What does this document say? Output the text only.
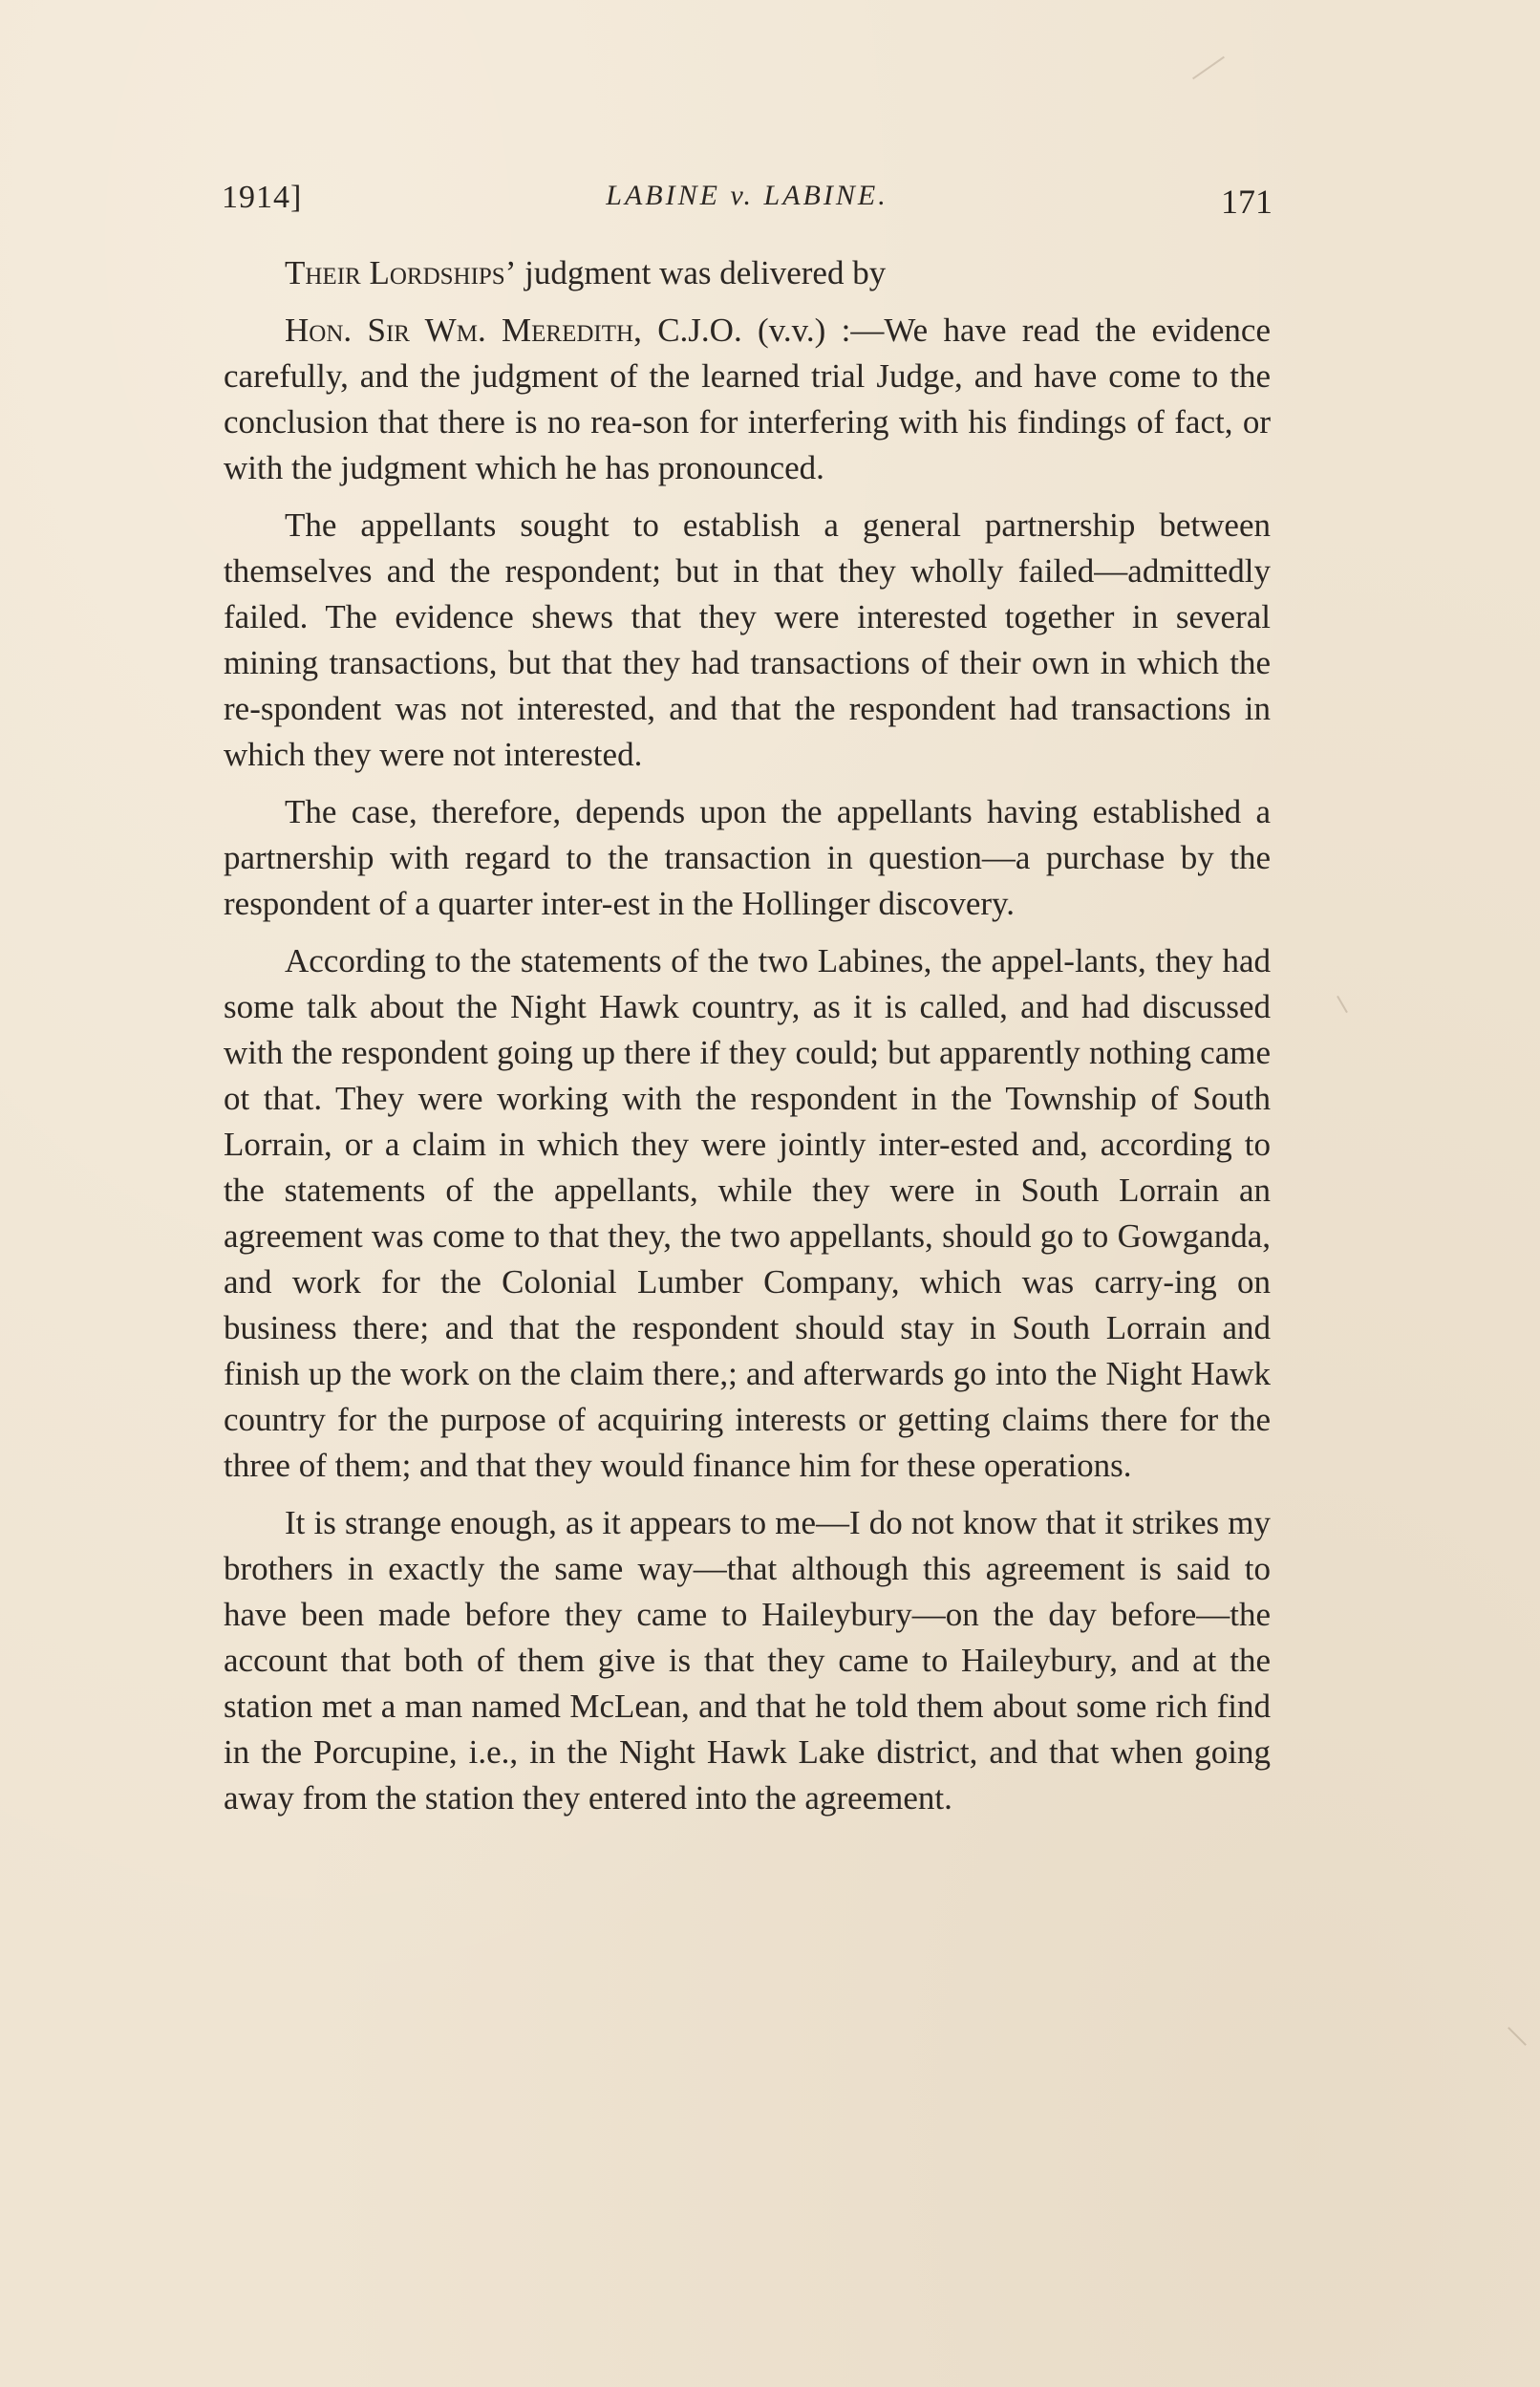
1914]	LABINE v. LABINE.	171

Their Lordships’ judgment was delivered by

Hon. Sir Wm. Meredith, C.J.O. (v.v.) :—We have read the evidence carefully, and the judgment of the learned trial Judge, and have come to the conclusion that there is no rea-son for interfering with his findings of fact, or with the judgment which he has pronounced.

The appellants sought to establish a general partnership between themselves and the respondent; but in that they wholly failed—admittedly failed. The evidence shews that they were interested together in several mining transactions, but that they had transactions of their own in which the re-spondent was not interested, and that the respondent had transactions in which they were not interested.

The case, therefore, depends upon the appellants having established a partnership with regard to the transaction in question—a purchase by the respondent of a quarter inter-est in the Hollinger discovery.

According to the statements of the two Labines, the appel-lants, they had some talk about the Night Hawk country, as it is called, and had discussed with the respondent going up there if they could; but apparently nothing came ot that. They were working with the respondent in the Township of South Lorrain, or a claim in which they were jointly inter-ested and, according to the statements of the appellants, while they were in South Lorrain an agreement was come to that they, the two appellants, should go to Gowganda, and work for the Colonial Lumber Company, which was carry-ing on business there; and that the respondent should stay in South Lorrain and finish up the work on the claim there,; and afterwards go into the Night Hawk country for the purpose of acquiring interests or getting claims there for the three of them; and that they would finance him for these operations.

It is strange enough, as it appears to me—I do not know that it strikes my brothers in exactly the same way—that although this agreement is said to have been made before they came to Haileybury—on the day before—the account that both of them give is that they came to Haileybury, and at the station met a man named McLean, and that he told them about some rich find in the Porcupine, i.e., in the Night Hawk Lake district, and that when going away from the station they entered into the agreement.
